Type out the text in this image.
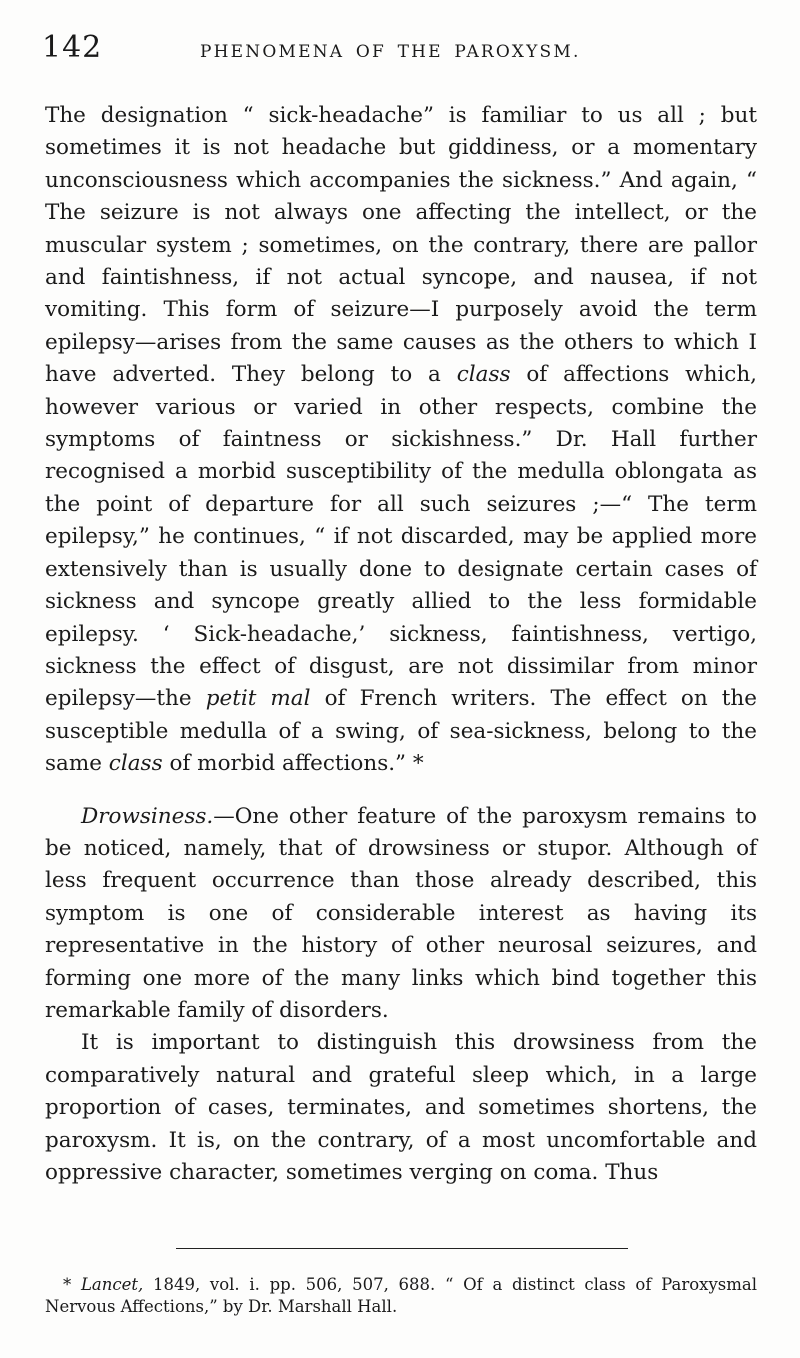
142	PHENOMENA OF THE PAROXYSM.

The designation “ sick-headache” is familiar to us all ; but sometimes it is not headache but giddiness, or a momentary unconsciousness which accompanies the sickness.” And again, “ The seizure is not always one affecting the intellect, or the muscular system ; sometimes, on the contrary, there are pallor and faintishness, if not actual syncope, and nausea, if not vomiting. This form of seizure—I purposely avoid the term epilepsy—arises from the same causes as the others to which I have adverted. They belong to a class of affections which, however various or varied in other respects, combine the symptoms of faintness or sickishness.” Dr. Hall further recognised a morbid susceptibility of the medulla oblongata as the point of departure for all such seizures ;—“ The term epilepsy,” he continues, “ if not discarded, may be applied more extensively than is usually done to designate certain cases of sickness and syncope greatly allied to the less formidable epilepsy. ‘ Sick-headache,’ sickness, faintishness, vertigo, sickness the effect of disgust, are not dissimilar from minor epilepsy—the petit mal of French writers. The effect on the susceptible medulla of a swing, of sea-sickness, belong to the same class of morbid affections.” *

Drowsiness.—One other feature of the paroxysm remains to be noticed, namely, that of drowsiness or stupor. Although of less frequent occurrence than those already described, this symptom is one of considerable interest as having its representative in the history of other neurosal seizures, and forming one more of the many links which bind together this remarkable family of disorders.

It is important to distinguish this drowsiness from the comparatively natural and grateful sleep which, in a large proportion of cases, terminates, and sometimes shortens, the paroxysm. It is, on the contrary, of a most uncomfortable and oppressive character, sometimes verging on coma. Thus

* Lancet, 1849, vol. i. pp. 506, 507, 688. “ Of a distinct class of Paroxysmal Nervous Affections,” by Dr. Marshall Hall.
